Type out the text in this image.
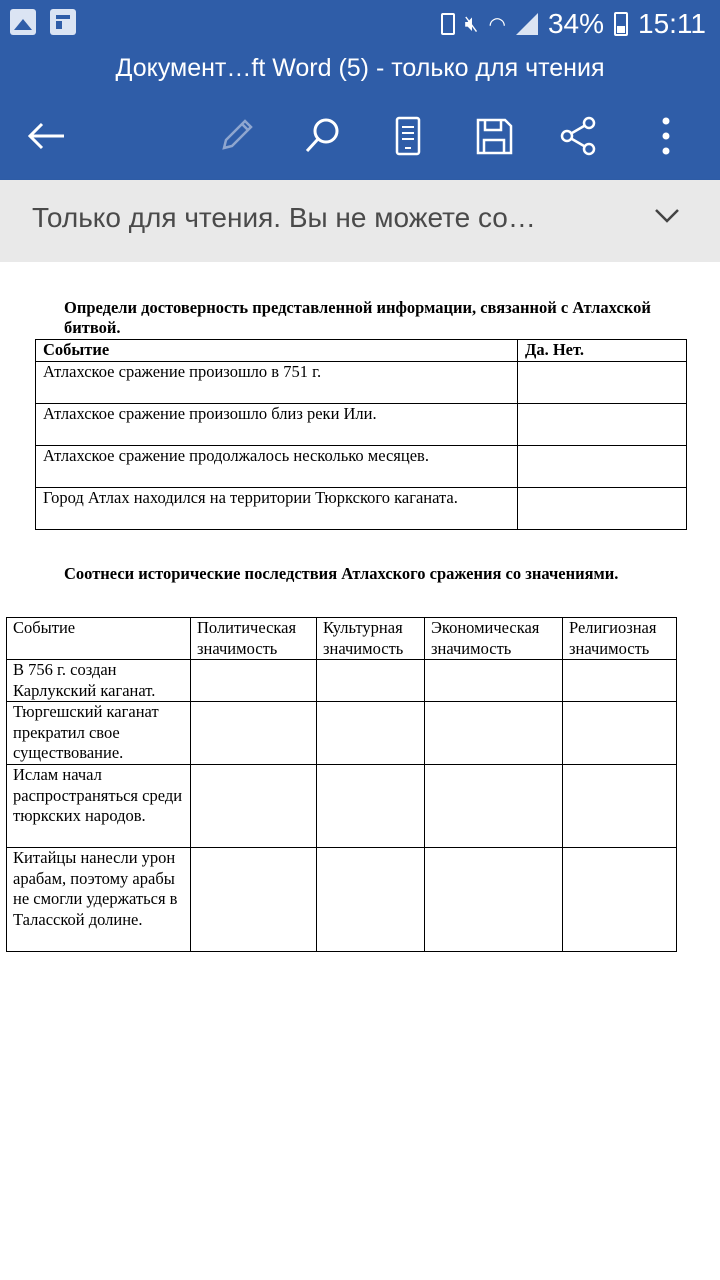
🔇︎ ◠ 34% 15:11
Документ…ft Word (5) - только для чтения
Только для чтения. Вы не можете со…
Определи достоверность представленной информации, связанной с Атлахской битвой.
Событие	Да. Нет.
Атлахское сражение произошло в 751 г.	
Атлахское сражение произошло близ реки Или.	
Атлахское сражение продолжалось несколько месяцев.	
Город Атлах находился на территории Тюркского каганата.	
Соотнеси исторические последствия Атлахского сражения со значениями.
Событие	Политическая значимость	Культурная значимость	Экономическая значимость	Религиозная значимость
В 756 г. создан Карлукский каганат.				
Тюргешский каганат прекратил свое существование.				
Ислам начал распространяться среди тюркских народов.				
Китайцы нанесли урон арабам, поэтому арабы не смогли удержаться в Таласской долине.				
